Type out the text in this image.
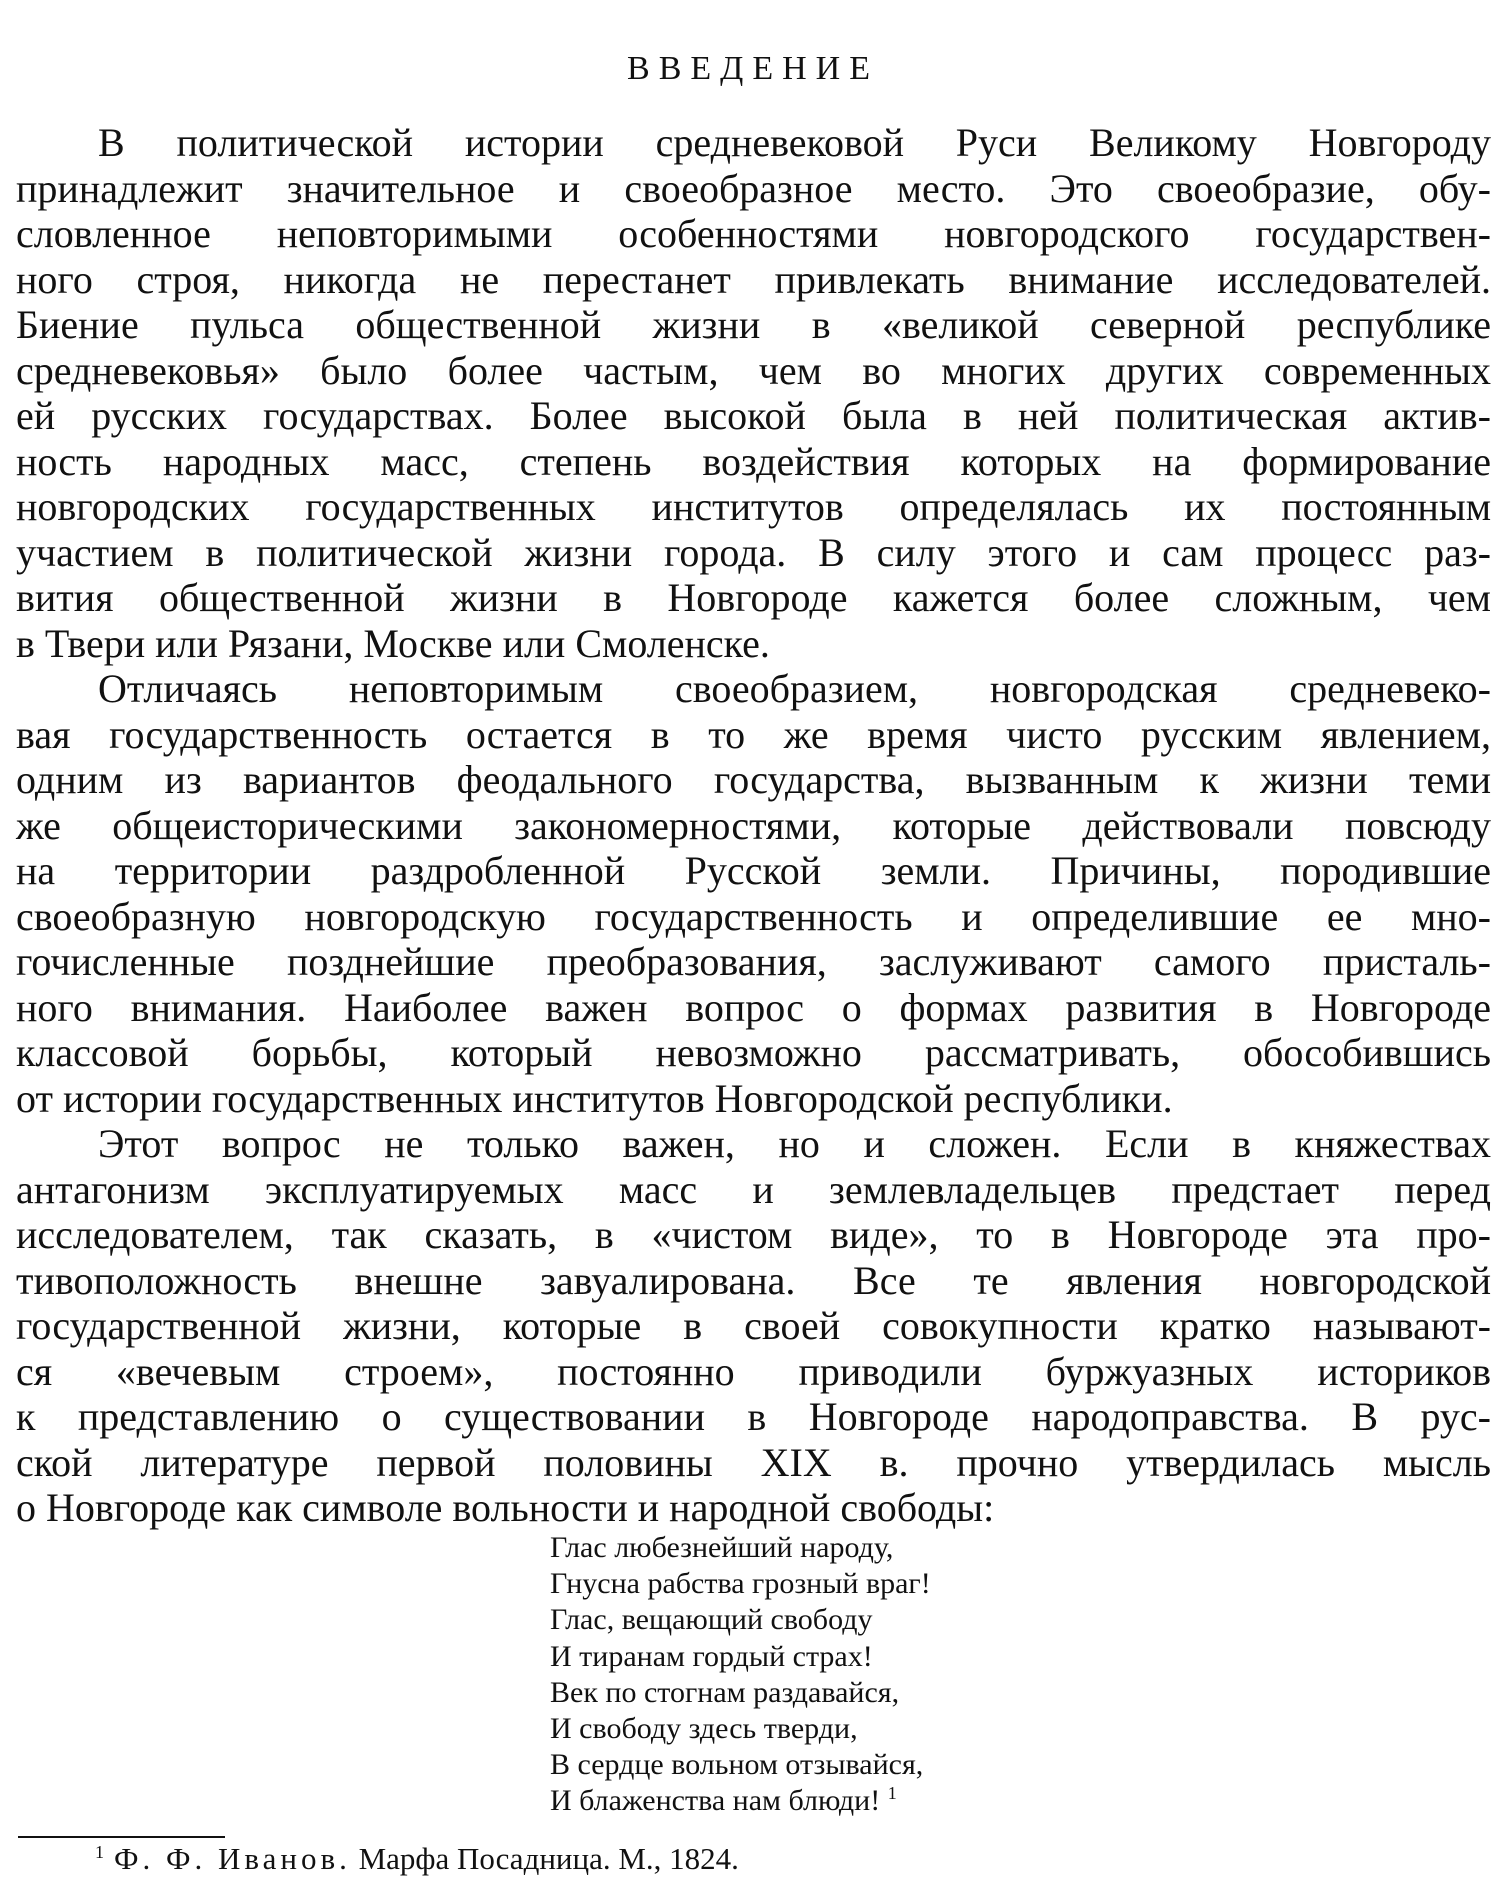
ВВЕДЕНИЕ

В политической истории средневековой Руси Великому Новгороду
принадлежит значительное и своеобразное место. Это своеобразие, обу-
словленное неповторимыми особенностями новгородского государствен-
ного строя, никогда не перестанет привлекать внимание исследователей.
Биение пульса общественной жизни в «великой северной республике
средневековья» было более частым, чем во многих других современных
ей русских государствах. Более высокой была в ней политическая актив-
ность народных масс, степень воздействия которых на формирование
новгородских государственных институтов определялась их постоянным
участием в политической жизни города. В силу этого и сам процесс раз-
вития общественной жизни в Новгороде кажется более сложным, чем
в Твери или Рязани, Москве или Смоленске.

Отличаясь неповторимым своеобразием, новгородская средневеко-
вая государственность остается в то же время чисто русским явлением,
одним из вариантов феодального государства, вызванным к жизни теми
же общеисторическими закономерностями, которые действовали повсюду
на территории раздробленной Русской земли. Причины, породившие
своеобразную новгородскую государственность и определившие ее мно-
гочисленные позднейшие преобразования, заслуживают самого присталь-
ного внимания. Наиболее важен вопрос о формах развития в Новгороде
классовой борьбы, который невозможно рассматривать, обособившись
от истории государственных институтов Новгородской республики.

Этот вопрос не только важен, но и сложен. Если в княжествах
антагонизм эксплуатируемых масс и землевладельцев предстает перед
исследователем, так сказать, в «чистом виде», то в Новгороде эта про-
тивоположность внешне завуалирована. Все те явления новгородской
государственной жизни, которые в своей совокупности кратко называют-
ся «вечевым строем», постоянно приводили буржуазных историков
к представлению о существовании в Новгороде народоправства. В рус-
ской литературе первой половины XIX в. прочно утвердилась мысль
о Новгороде как символе вольности и народной свободы:

Глас любезнейший народу,
Гнусна рабства грозный враг!
Глас, вещающий свободу
И тиранам гордый страх!
Век по стогнам раздавайся,
И свободу здесь тверди,
В сердце вольном отзывайся,
И блаженства нам блюди! $^1$
$^1$ Ф. Ф. Иванов. Марфа Посадница. М., 1824.
